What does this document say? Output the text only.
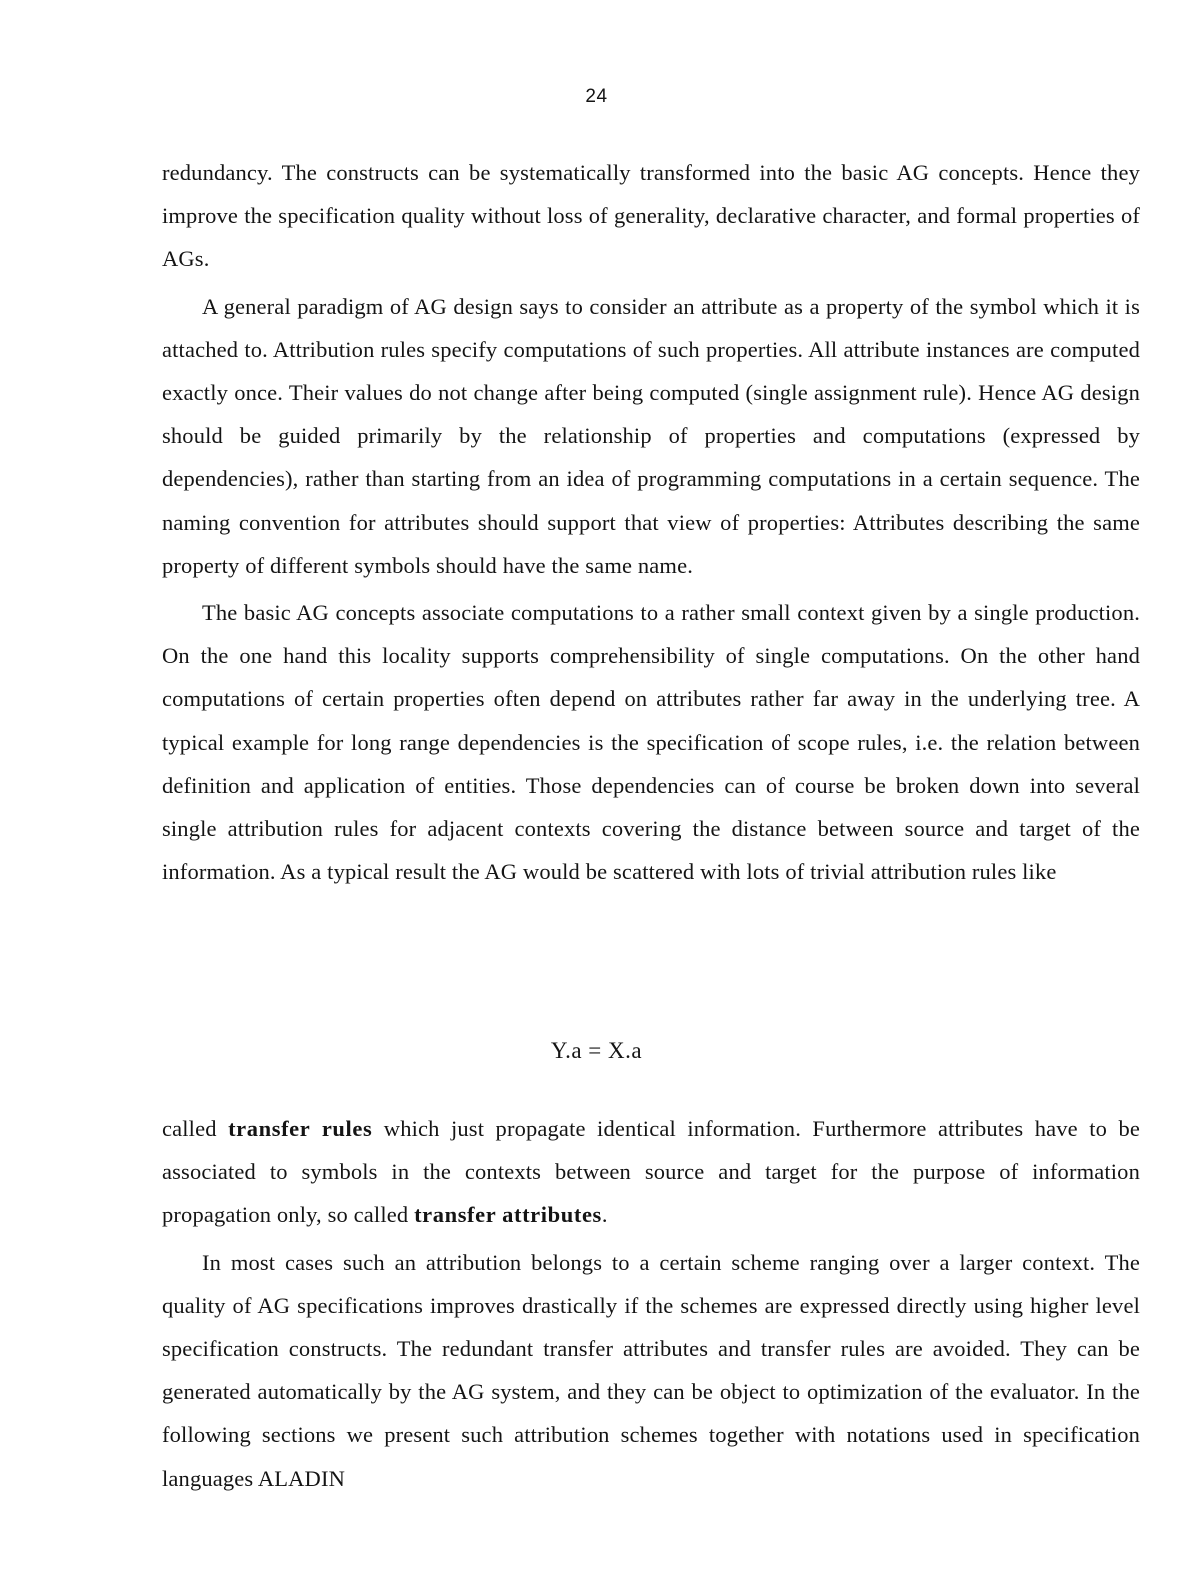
24

redundancy. The constructs can be systematically transformed into the basic AG concepts. Hence they improve the specification quality without loss of generality, declarative character, and formal properties of AGs.

A general paradigm of AG design says to consider an attribute as a property of the symbol which it is attached to. Attribution rules specify computations of such properties. All attribute instances are computed exactly once. Their values do not change after being computed (single assignment rule). Hence AG design should be guided primarily by the relationship of properties and computations (expressed by dependencies), rather than starting from an idea of programming computations in a certain sequence. The naming convention for attributes should support that view of properties: Attributes describing the same property of different symbols should have the same name.

The basic AG concepts associate computations to a rather small context given by a single production. On the one hand this locality supports comprehensibility of single computations. On the other hand computations of certain properties often depend on attributes rather far away in the underlying tree. A typical example for long range dependencies is the specification of scope rules, i.e. the relation between definition and application of entities. Those dependencies can of course be broken down into several single attribution rules for adjacent contexts covering the distance between source and target of the information. As a typical result the AG would be scattered with lots of trivial attribution rules like

Y.a = X.a

called transfer rules which just propagate identical information. Furthermore attributes have to be associated to symbols in the contexts between source and target for the purpose of information propagation only, so called transfer attributes.

In most cases such an attribution belongs to a certain scheme ranging over a larger context. The quality of AG specifications improves drastically if the schemes are expressed directly using higher level specification constructs. The redundant transfer attributes and transfer rules are avoided. They can be generated automatically by the AG system, and they can be object to optimization of the evaluator. In the following sections we present such attribution schemes together with notations used in specification languages ALADIN
